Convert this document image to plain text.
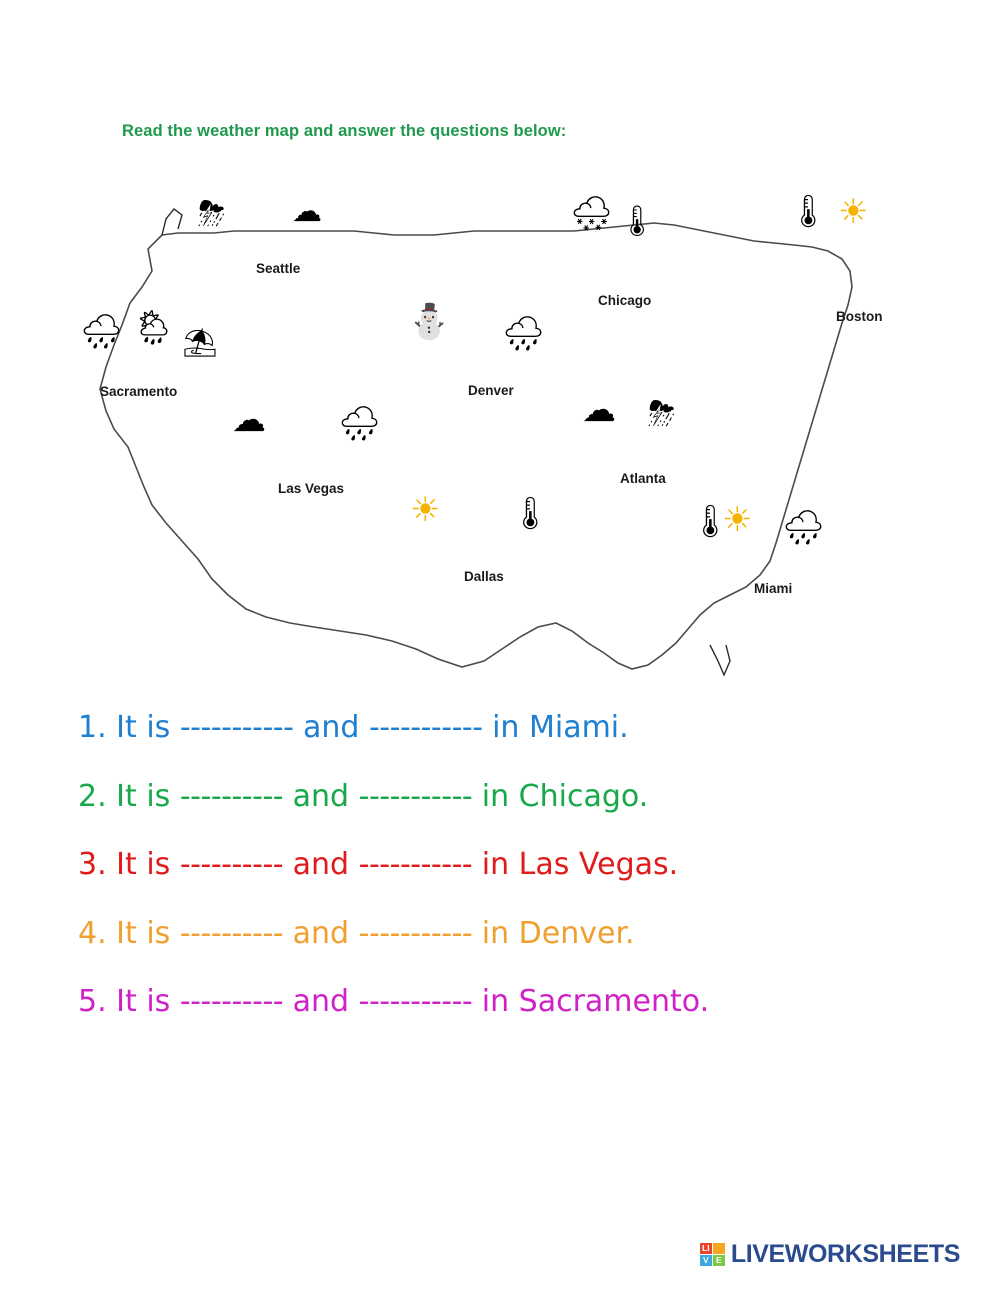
Read the weather map and answer the questions below:
⛈
Seattle
☁	🌨 🌡
Chicago
🌡 ☀
Boston
🌧 🌦 ⛱
Sacramento
⛄ 🌧
Denver
☁ 🌧
Las Vegas
☁ ⛈
Atlanta
☀ 🌡
Dallas
🌡
☀ 🌧
Miami
1. It is ----------- and ----------- in Miami.
2. It is ---------- and ----------- in Chicago.
3. It is ---------- and ----------- in Las Vegas.
4. It is ---------- and ----------- in Denver.
5. It is ---------- and ----------- in Sacramento.
LI
V E LIVEWORKSHEETS
